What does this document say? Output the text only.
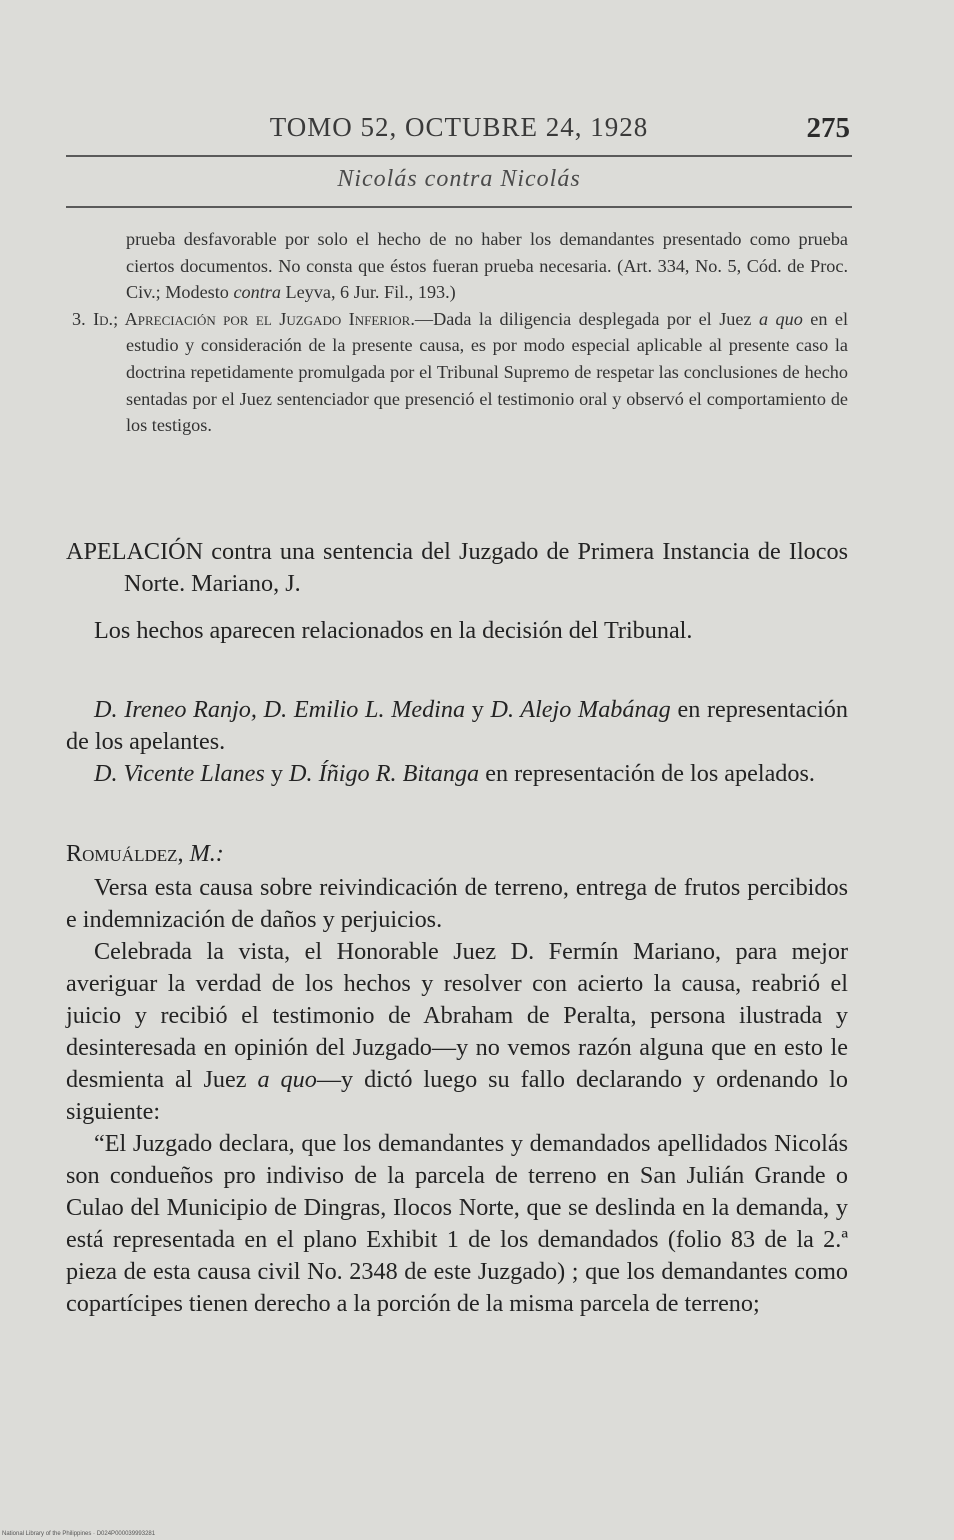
TOMO 52, OCTUBRE 24, 1928	275
Nicolás contra Nicolás

prueba desfavorable por solo el hecho de no haber los demandantes presentado como prueba ciertos documentos. No consta que éstos fueran prueba necesaria. (Art. 334, No. 5, Cód. de Proc. Civ.; Modesto contra Leyva, 6 Jur. Fil., 193.)

3. Id.; Apreciación por el Juzgado Inferior.—Dada la diligencia desplegada por el Juez a quo en el estudio y consideración de la presente causa, es por modo especial aplicable al presente caso la doctrina repetidamente promulgada por el Tribunal Supremo de respetar las conclusiones de hecho sentadas por el Juez sentenciador que presenció el testimonio oral y observó el comportamiento de los testigos.

APELACIÓN contra una sentencia del Juzgado de Primera Instancia de Ilocos Norte. Mariano, J.

Los hechos aparecen relacionados en la decisión del Tribunal.

D. Ireneo Ranjo, D. Emilio L. Medina y D. Alejo Mabánag en representación de los apelantes.

D. Vicente Llanes y D. Íñigo R. Bitanga en representación de los apelados.

Romuáldez, M.:

Versa esta causa sobre reivindicación de terreno, entrega de frutos percibidos e indemnización de daños y perjuicios.

Celebrada la vista, el Honorable Juez D. Fermín Mariano, para mejor averiguar la verdad de los hechos y resolver con acierto la causa, reabrió el juicio y recibió el testimonio de Abraham de Peralta, persona ilustrada y desinteresada en opinión del Juzgado—y no vemos razón alguna que en esto le desmienta al Juez a quo—y dictó luego su fallo declarando y ordenando lo siguiente:

“El Juzgado declara, que los demandantes y demandados apellidados Nicolás son condueños pro indiviso de la parcela de terreno en San Julián Grande o Culao del Municipio de Dingras, Ilocos Norte, que se deslinda en la demanda, y está representada en el plano Exhibit 1 de los demandados (folio 83 de la 2.ª pieza de esta causa civil No. 2348 de este Juzgado) ; que los demandantes como copartícipes tienen derecho a la porción de la misma parcela de terreno;

National Library of the Philippines · D024P000039993281
